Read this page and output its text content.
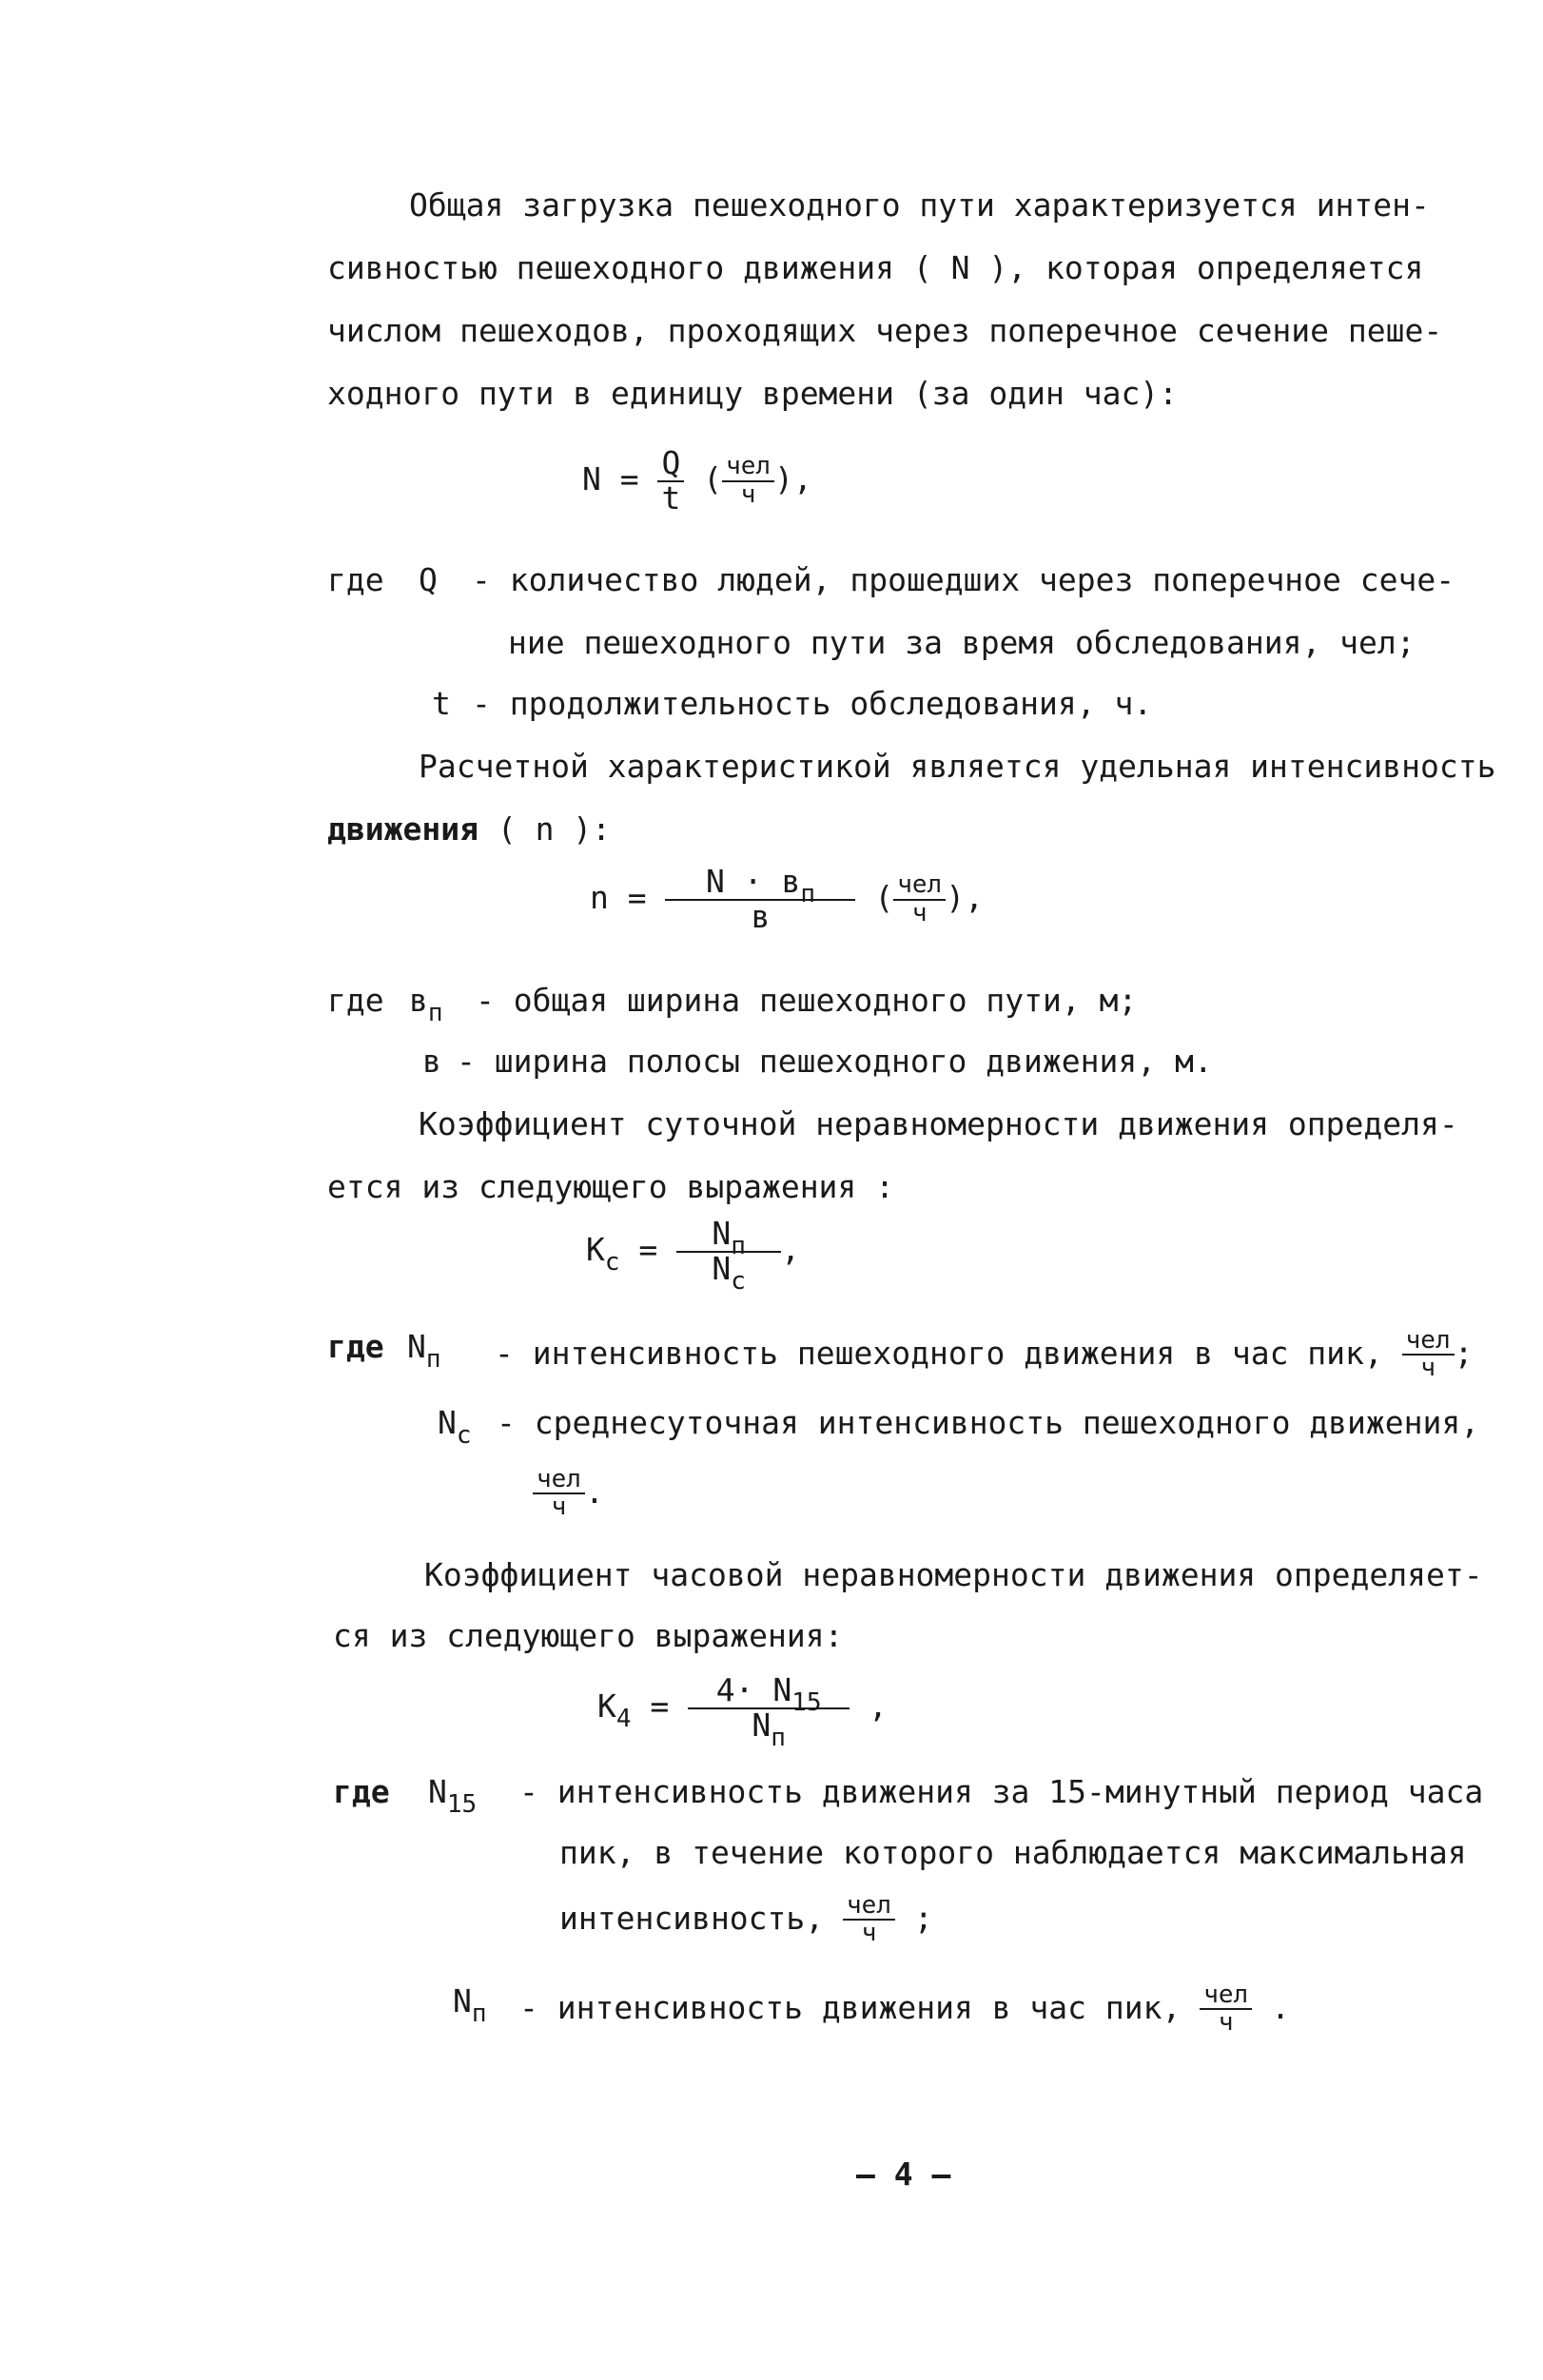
Общая загрузка пешеходного пути характеризуется интен-
сивностью пешеходного движения ( N ), которая определяется
числом пешеходов, проходящих через поперечное сечение пеше-
ходного пути в единицу времени (за один час):
$N = \frac{Q}{t}$ ( $\frac{\text{чел}}{ч}$ ),
где Q - количество людей, прошедших через поперечное сече-
ние пешеходного пути за время обследования, чел;
t - продолжительность обследования, ч.
Расчетной характеристикой является удельная интенсивность
движения ( n ):
$n = \frac{N \cdot в_п}{в}$ ( $\frac{\text{чел}}{ч}$ ),
где $в_п$ - общая ширина пешеходного пути, м;
в - ширина полосы пешеходного движения, м.
Коэффициент суточной неравномерности движения определя-
ется из следующего выражения :
$K_c = \frac{N_п}{N_c}$ ,
где $N_п$ - интенсивность пешеходного движения в час пик, $\frac{\text{чел}}{ч}$ ;
$N_c$ - среднесуточная интенсивность пешеходного движения,
$\frac{\text{чел}}{ч}$ .
Коэффициент часовой неравномерности движения определяет-
ся из следующего выражения:
$K_4 = \frac{4\cdot N_{15}}{N_п}$ ,
где $N_{15}$ - интенсивность движения за 15-минутный период часа
пик, в течение которого наблюдается максимальная
интенсивность, $\frac{\text{чел}}{ч}$ ;
$N_п$ - интенсивность движения в час пик, $\frac{\text{чел}}{ч}$ .
— 4 —
